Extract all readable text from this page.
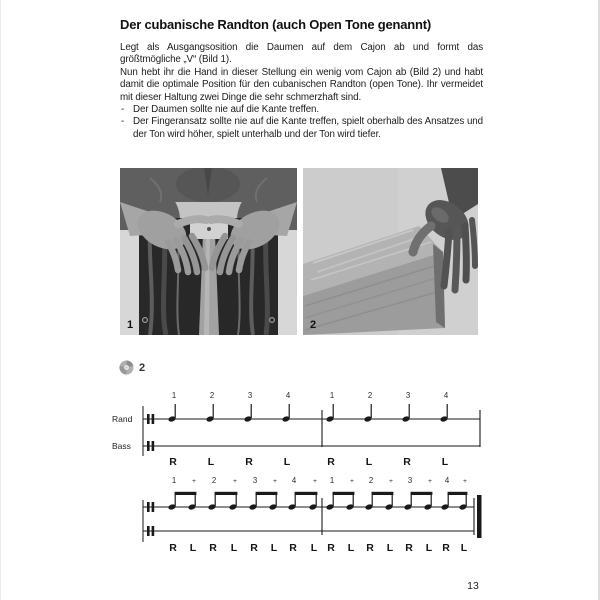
Der cubanische Randton (auch Open Tone genannt)

Legt als Ausgangsosition die Daumen auf dem Cajon ab und formt das größtmögliche „V“ (Bild 1).

Nun hebt ihr die Hand in dieser Stellung ein wenig vom Cajon ab (Bild 2) und habt damit die optimale Position für den cubanischen Randton (open Tone). Ihr vermeidet mit dieser Haltung zwei Dinge die sehr schmerzhaft sind.

- Der Daumen sollte nie auf die Kante treffen.
- Der Fingeransatz sollte nie auf die Kante treffen, spielt oberhalb des Ansatzes und der Ton wird höher, spielt unterhalb und der Ton wird tiefer.
1	2
2
Rand
Bass
1
R
2
L
3
R
4
L
1
R
2
L
3
R
4
L
1
R
+
L
2
R
+
L
3
R
+
L
4
R
+
L
1
R
+
L
2
R
+
L
3
R
+
L
4
R
+
L
13
